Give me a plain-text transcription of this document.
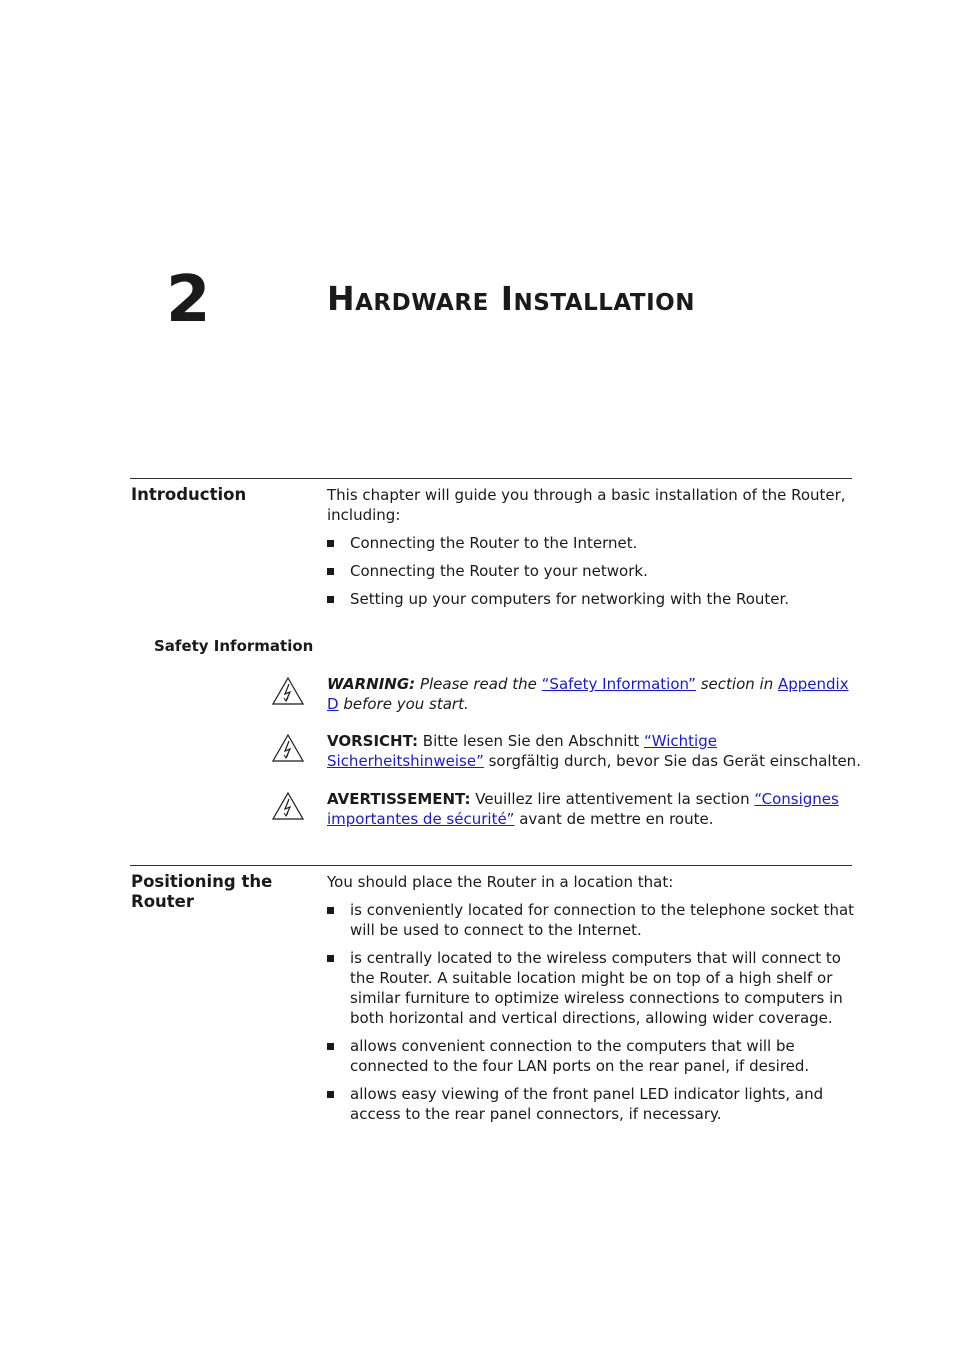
2	Hardware Installation
Introduction	This chapter will guide you through a basic installation of the Router, including:

Connecting the Router to the Internet.
Connecting the Router to your network.
Setting up your computers for networking with the Router.
Safety Information
WARNING: Please read the “Safety Information” section in Appendix D before you start.
VORSICHT: Bitte lesen Sie den Abschnitt “Wichtige Sicherheitshinweise” sorgfältig durch, bevor Sie das Gerät einschalten.
AVERTISSEMENT: Veuillez lire attentivement la section “Consignes importantes de sécurité” avant de mettre en route.
Positioning the Router

You should place the Router in a location that:

is conveniently located for connection to the telephone socket that will be used to connect to the Internet.
is centrally located to the wireless computers that will connect to the Router. A suitable location might be on top of a high shelf or similar furniture to optimize wireless connections to computers in both horizontal and vertical directions, allowing wider coverage.
allows convenient connection to the computers that will be connected to the four LAN ports on the rear panel, if desired.
allows easy viewing of the front panel LED indicator lights, and access to the rear panel connectors, if necessary.
